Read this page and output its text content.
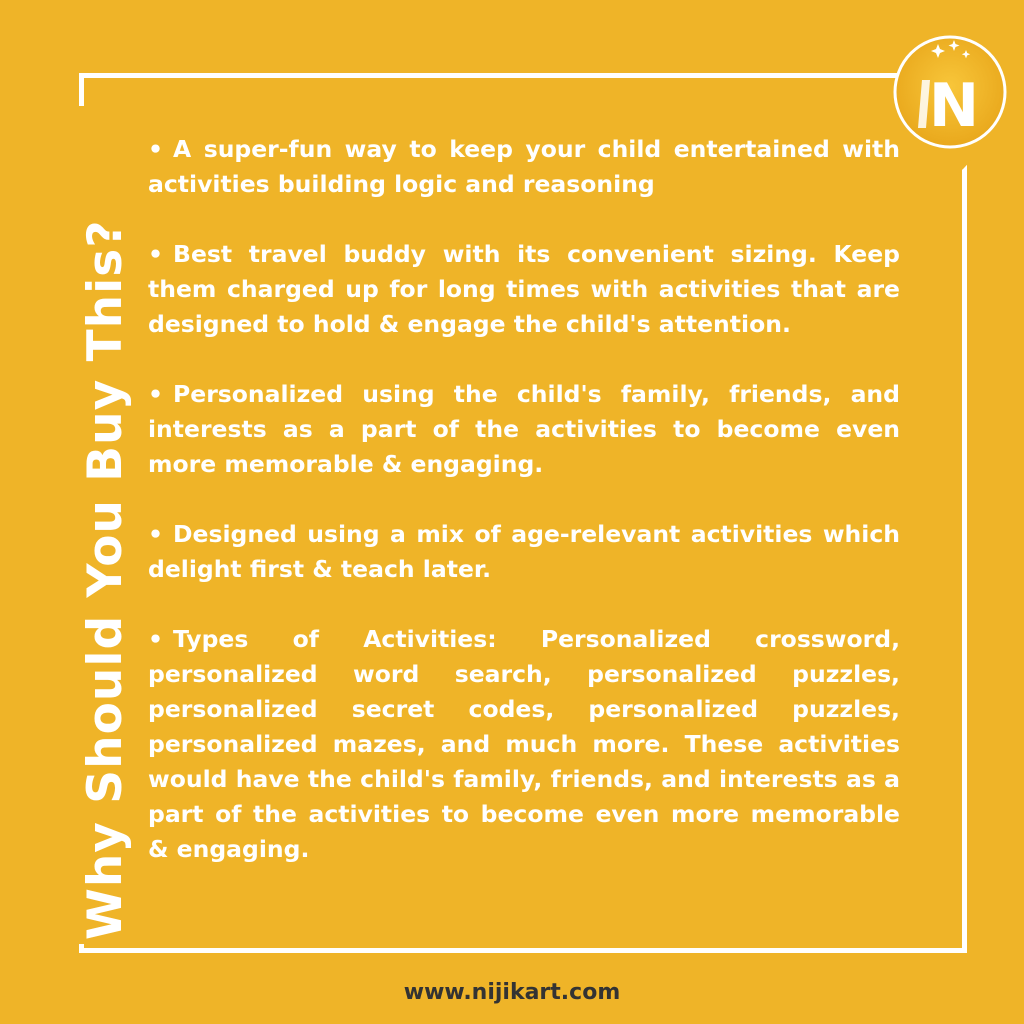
Why Should You Buy This?

• A super-fun way to keep your child entertained with activities building logic and reasoning

• Best travel buddy with its convenient sizing. Keep them charged up for long times with activities that are designed to hold & engage the child's attention.

• Personalized using the child's family, friends, and interests as a part of the activities to become even more memorable & engaging.

• Designed using a mix of age-relevant activities which delight first & teach later.

• Types of Activities: Personalized crossword, personalized word search, personalized puzzles, personalized secret codes, personalized puzzles, personalized mazes, and much more. These activities would have the child's family, friends, and interests as a part of the activities to become even more memorable & engaging.

N
www.nijikart.com
